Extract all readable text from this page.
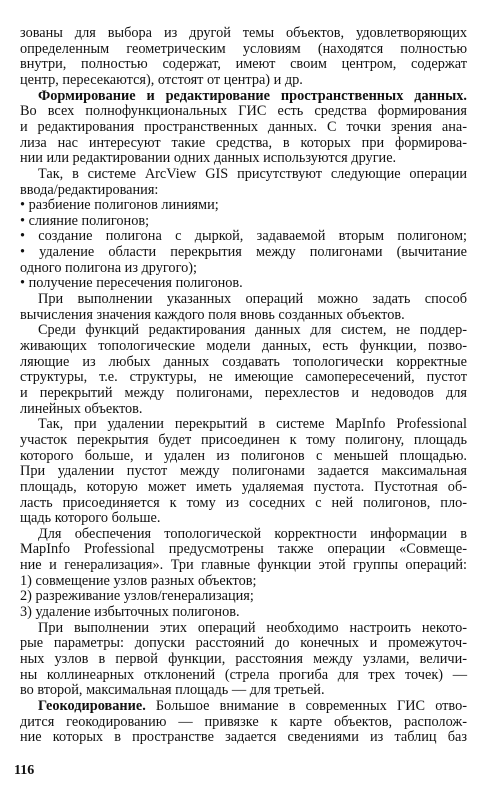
зованы для выбора из другой темы объектов, удовлетворяющих
определенным геометрическим условиям (находятся полностью
внутри, полностью содержат, имеют своим центром, содержат
центр, пересекаются), отстоят от центра) и др.
Формирование и редактирование пространственных данных.
Во всех полнофункциональных ГИС есть средства формирования
и редактирования пространственных данных. С точки зрения ана-
лиза нас интересуют такие средства, в которых при формирова-
нии или редактировании одних данных используются другие.
Так, в системе ArcView GIS присутствуют следующие операции
ввода/редактирования:
• разбиение полигонов линиями;
• слияние полигонов;
• создание полигона с дыркой, задаваемой вторым полигоном;
• удаление области перекрытия между полигонами (вычитание
одного полигона из другого);
• получение пересечения полигонов.
При выполнении указанных операций можно задать способ
вычисления значения каждого поля вновь созданных объектов.
Среди функций редактирования данных для систем, не поддер-
живающих топологические модели данных, есть функции, позво-
ляющие из любых данных создавать топологически корректные
структуры, т.е. структуры, не имеющие самопересечений, пустот
и перекрытий между полигонами, перехлестов и недоводов для
линейных объектов.
Так, при удалении перекрытий в системе MapInfo Professional
участок перекрытия будет присоединен к тому полигону, площадь
которого больше, и удален из полигонов с меньшей площадью.
При удалении пустот между полигонами задается максимальная
площадь, которую может иметь удаляемая пустота. Пустотная об-
ласть присоединяется к тому из соседних с ней полигонов, пло-
щадь которого больше.
Для обеспечения топологической корректности информации в
MapInfo Professional предусмотрены также операции «Совмеще-
ние и генерализация». Три главные функции этой группы операций:
1) совмещение узлов разных объектов;
2) разреживание узлов/генерализация;
3) удаление избыточных полигонов.
При выполнении этих операций необходимо настроить некото-
рые параметры: допуски расстояний до конечных и промежуточ-
ных узлов в первой функции, расстояния между узлами, величи-
ны коллинеарных отклонений (стрела прогиба для трех точек) —
во второй, максимальная площадь — для третьей.
Геокодирование. Большое внимание в современных ГИС отво-
дится геокодированию — привязке к карте объектов, располож-
ние которых в пространстве задается сведениями из таблиц баз
116
